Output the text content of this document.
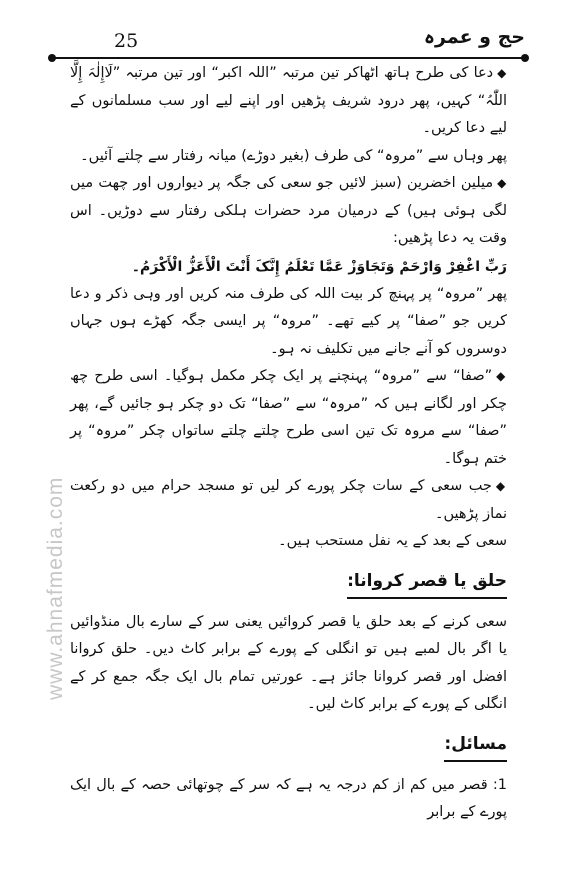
25	حج و عمرہ
www.ahnafmedia.com

◆دعا کی طرح ہاتھ اٹھاکر تین مرتبہ ”اللہ اکبر“ اور تین مرتبہ ”لَاإِلٰہَ إِلَّا اللّٰہُ“ کہیں، پھر درود شریف پڑھیں اور اپنے لیے اور سب مسلمانوں کے لیے دعا کریں۔

پھر وہاں سے ”مروہ“ کی طرف (بغیر دوڑے) میانہ رفتار سے چلتے آئیں۔

◆میلین اخضرین (سبز لائیں جو سعی کی جگہ پر دیواروں اور چھت میں لگی ہوئی ہیں) کے درمیان مرد حضرات ہلکی رفتار سے دوڑیں۔ اس وقت یہ دعا پڑھیں:

رَبِّ اغْفِرْ وَارْحَمْ وَتَجَاوَزْ عَمَّا تَعْلَمُ إِنَّکَ أَنْتَ الْأَعَزُّ الْأَکْرَمُ۔

پھر ”مروہ“ پر پہنچ کر بیت اللہ کی طرف منہ کریں اور وہی ذکر و دعا کریں جو ”صفا“ پر کیے تھے۔ ”مروہ“ پر ایسی جگہ کھڑے ہوں جہاں دوسروں کو آنے جانے میں تکلیف نہ ہو۔

◆”صفا“ سے ”مروہ“ پہنچنے پر ایک چکر مکمل ہوگیا۔ اسی طرح چھ چکر اور لگانے ہیں کہ ”مروہ“ سے ”صفا“ تک دو چکر ہو جائیں گے، پھر ”صفا“ سے مروہ تک تین اسی طرح چلتے چلتے ساتواں چکر ”مروہ“ پر ختم ہوگا۔

◆جب سعی کے سات چکر پورے کر لیں تو مسجد حرام میں دو رکعت نماز پڑھیں۔

سعی کے بعد کے یہ نفل مستحب ہیں۔

حلق یا قصر کروانا:

سعی کرنے کے بعد حلق یا قصر کروائیں یعنی سر کے سارے بال منڈوائیں یا اگر بال لمبے ہیں تو انگلی کے پورے کے برابر کاٹ دیں۔ حلق کروانا افضل اور قصر کروانا جائز ہے۔ عورتیں تمام بال ایک جگہ جمع کر کے انگلی کے پورے کے برابر کاٹ لیں۔

مسائل:

1: قصر میں کم از کم درجہ یہ ہے کہ سر کے چوتھائی حصہ کے بال ایک پورے کے برابر
